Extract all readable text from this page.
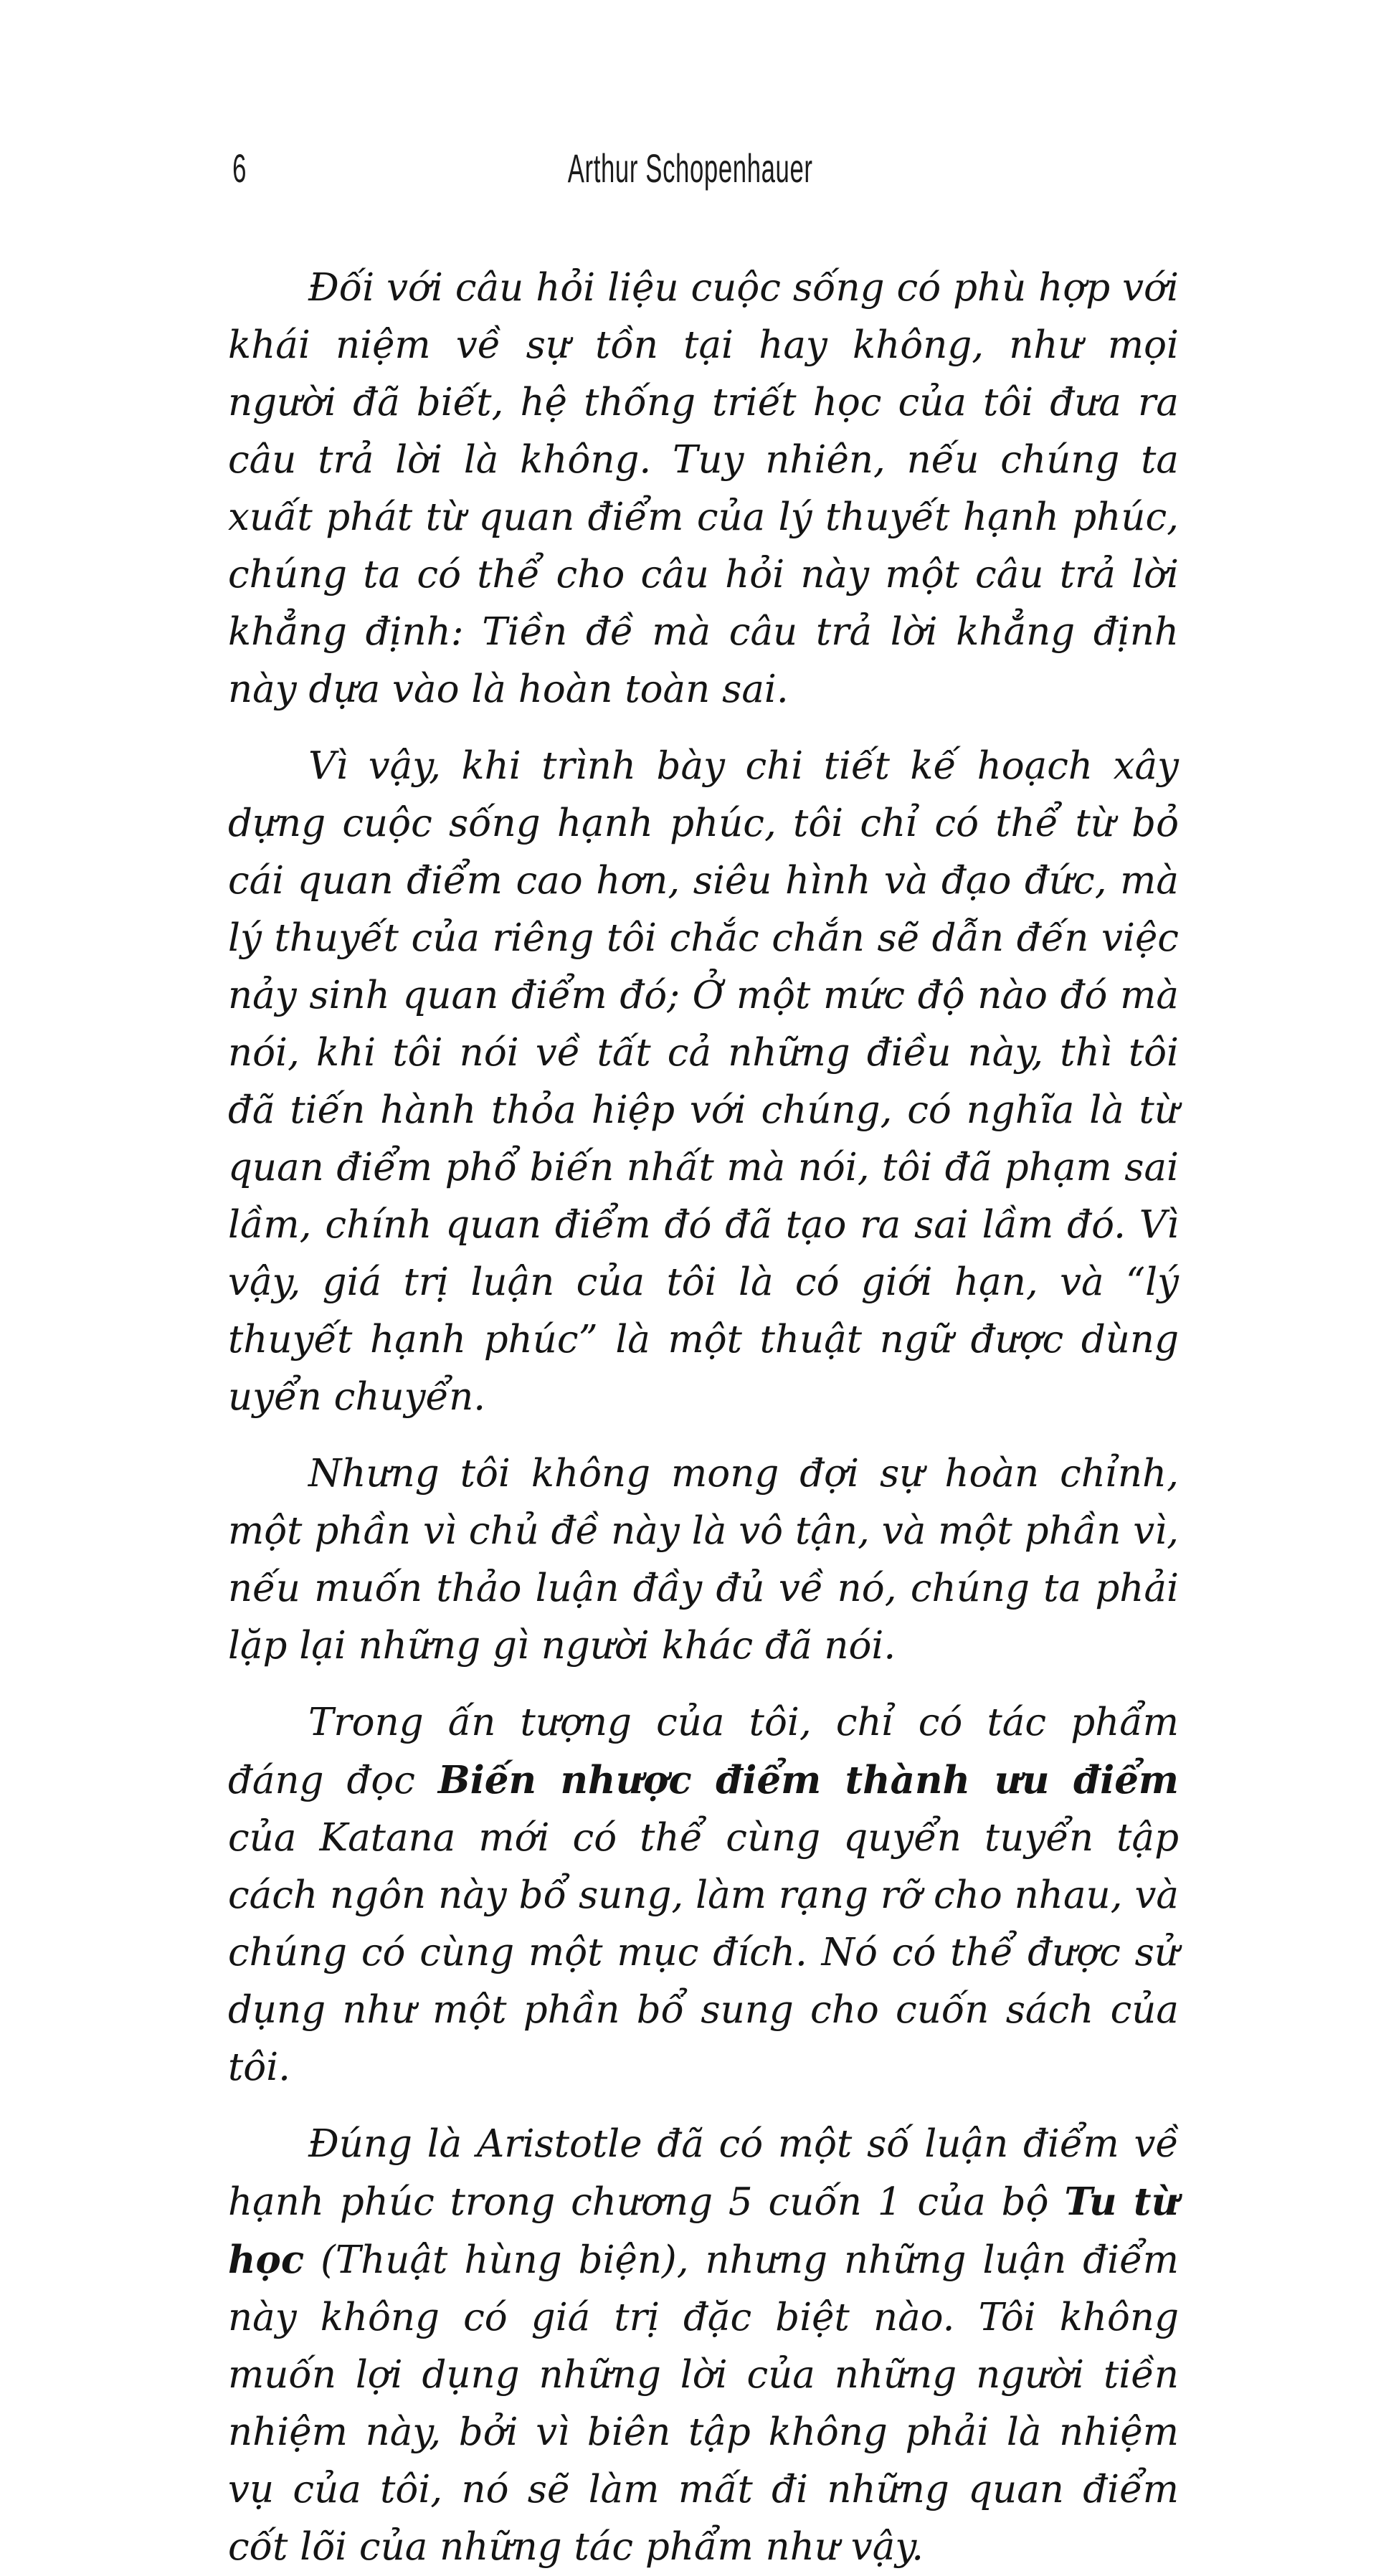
6	Arthur Schopenhauer

Đối với câu hỏi liệu cuộc sống có phù hợp với khái niệm về sự tồn tại hay không, như mọi người đã biết, hệ thống triết học của tôi đưa ra câu trả lời là không. Tuy nhiên, nếu chúng ta xuất phát từ quan điểm của lý thuyết hạnh phúc, chúng ta có thể cho câu hỏi này một câu trả lời khẳng định: Tiền đề mà câu trả lời khẳng định này dựa vào là hoàn toàn sai.

Vì vậy, khi trình bày chi tiết kế hoạch xây dựng cuộc sống hạnh phúc, tôi chỉ có thể từ bỏ cái quan điểm cao hơn, siêu hình và đạo đức, mà lý thuyết của riêng tôi chắc chắn sẽ dẫn đến việc nảy sinh quan điểm đó; Ở một mức độ nào đó mà nói, khi tôi nói về tất cả những điều này, thì tôi đã tiến hành thỏa hiệp với chúng, có nghĩa là từ quan điểm phổ biến nhất mà nói, tôi đã phạm sai lầm, chính quan điểm đó đã tạo ra sai lầm đó. Vì vậy, giá trị luận của tôi là có giới hạn, và “lý thuyết hạnh phúc” là một thuật ngữ được dùng uyển chuyển.

Nhưng tôi không mong đợi sự hoàn chỉnh, một phần vì chủ đề này là vô tận, và một phần vì, nếu muốn thảo luận đầy đủ về nó, chúng ta phải lặp lại những gì người khác đã nói.

Trong ấn tượng của tôi, chỉ có tác phẩm đáng đọc Biến nhược điểm thành ưu điểm của Katana mới có thể cùng quyển tuyển tập cách ngôn này bổ sung, làm rạng rỡ cho nhau, và chúng có cùng một mục đích. Nó có thể được sử dụng như một phần bổ sung cho cuốn sách của tôi.

Đúng là Aristotle đã có một số luận điểm về hạnh phúc trong chương 5 cuốn 1 của bộ Tu từ học (Thuật hùng biện), nhưng những luận điểm này không có giá trị đặc biệt nào. Tôi không muốn lợi dụng những lời của những người tiền nhiệm này, bởi vì biên tập không phải là nhiệm vụ của tôi, nó sẽ làm mất đi những quan điểm cốt lõi của những tác phẩm như vậy.
